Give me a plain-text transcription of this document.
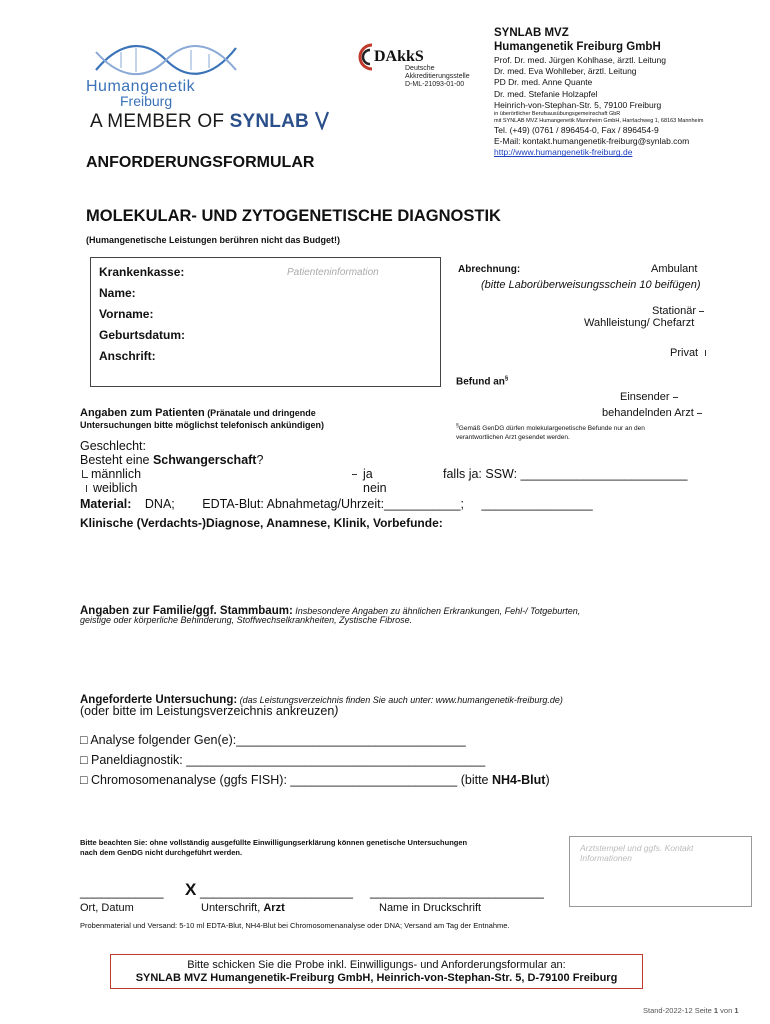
Humangenetik
Freiburg
A MEMBER OF SYNLAB
DAkkS
Deutsche
Akkreditierungsstelle
D-ML-21093-01-00
SYNLAB MVZ
Humangenetik Freiburg GmbH
Prof. Dr. med. Jürgen Kohlhase, ärztl. Leitung
Dr. med. Eva Wohlleber, ärztl. Leitung
PD Dr. med. Anne Quante
Dr. med. Stefanie Holzapfel
Heinrich-von-Stephan-Str. 5, 79100 Freiburg
in überörtlicher Berufsausübungsgemeinschaft GbR
mit SYNLAB MVZ Humangenetik Mannheim GmbH, Harrlachweg 1, 68163 Mannheim
Tel. (+49) (0761 / 896454-0, Fax / 896454-9
E-Mail: kontakt.humangenetik-freiburg@synlab.com
http://www.humangenetik-freiburg.de
ANFORDERUNGSFORMULAR
MOLEKULAR- UND ZYTOGENETISCHE DIAGNOSTIK
(Humangenetische Leistungen berühren nicht das Budget!)
Krankenkasse:	Patienteninformation
Name:
Vorname:
Geburtsdatum:
Anschrift:
Abrechnung:	Ambulant
(bitte Laborüberweisungsschein 10 beifügen)
Stationär
Wahlleistung/ Chefarzt
Privat
Befund an§
Einsender
behandelnden Arzt
§Gemäß GenDG dürfen molekulargenetische Befunde nur an den
verantwortlichen Arzt gesendet werden.
Angaben zum Patienten (Pränatale und dringende
Untersuchungen bitte möglichst telefonisch ankündigen)
Geschlecht:
Besteht eine Schwangerschaft?
männlich
weiblich
ja
nein
falls ja: SSW: ________________________
Material: DNA; EDTA-Blut: Abnahmetag/Uhrzeit:___________; ________________
Klinische (Verdachts-)Diagnose, Anamnese, Klinik, Vorbefunde:
Angaben zur Familie/ggf. Stammbaum: Insbesondere Angaben zu ähnlichen Erkrankungen, Fehl-/ Totgeburten,
geistige oder körperliche Behinderung, Stoffwechselkrankheiten, Zystische Fibrose.
Angeforderte Untersuchung: (das Leistungsverzeichnis finden Sie auch unter: www.humangenetik-freiburg.de)
(oder bitte im Leistungsverzeichnis ankreuzen)
□ Analyse folgender Gen(e):_________________________________
□ Paneldiagnostik: ___________________________________________
□ Chromosomenanalyse (ggfs FISH): ________________________ (bitte NH4-Blut)
Bitte beachten Sie: ohne vollständig ausgefüllte Einwilligungserklärung können genetische Untersuchungen
nach dem GenDG nicht durchgeführt werden.	Arztstempel und ggfs. Kontakt Informationen
____________ X ______________________ _________________________
Ort, Datum	Unterschrift, Arzt	Name in Druckschrift
Probenmaterial und Versand: 5-10 ml EDTA-Blut, NH4-Blut bei Chromosomenanalyse oder DNA; Versand am Tag der Entnahme.
Bitte schicken Sie die Probe inkl. Einwilligungs- und Anforderungsformular an:
SYNLAB MVZ Humangenetik-Freiburg GmbH, Heinrich-von-Stephan-Str. 5, D-79100 Freiburg
Stand-2022-12 Seite 1 von 1
